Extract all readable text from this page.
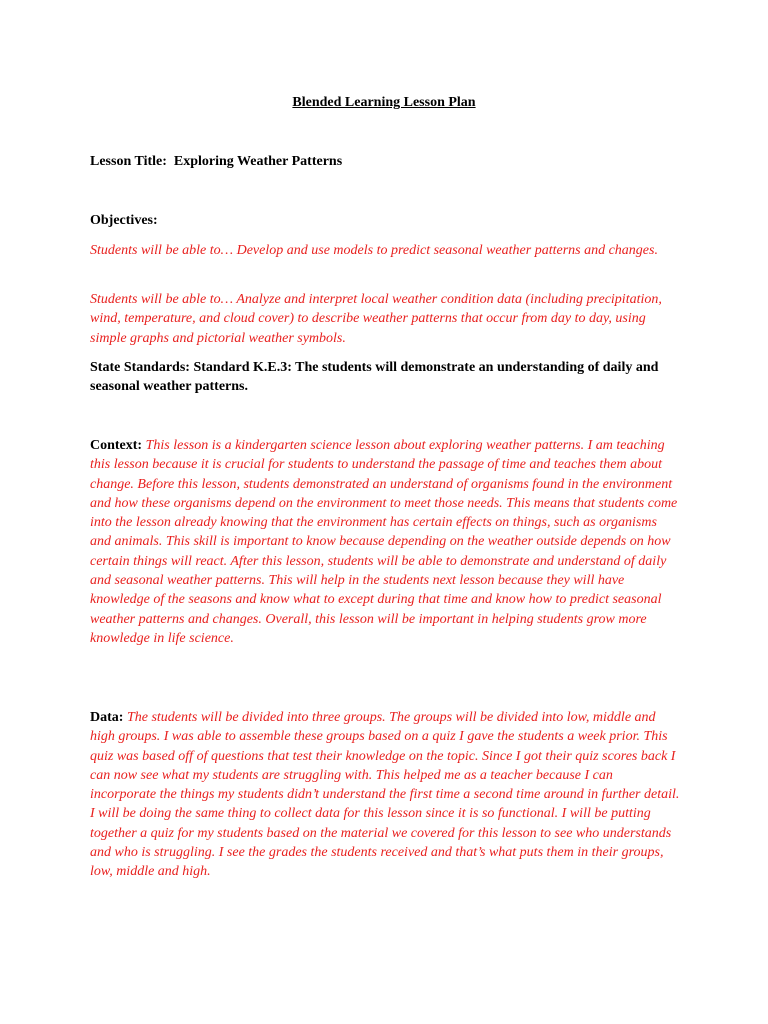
Blended Learning Lesson Plan

Lesson Title: Exploring Weather Patterns

Objectives:

Students will be able to… Develop and use models to predict seasonal weather patterns and changes.

Students will be able to… Analyze and interpret local weather condition data (including precipitation, wind, temperature, and cloud cover) to describe weather patterns that occur from day to day, using simple graphs and pictorial weather symbols.

State Standards: Standard K.E.3: The students will demonstrate an understanding of daily and seasonal weather patterns.

Context: This lesson is a kindergarten science lesson about exploring weather patterns. I am teaching this lesson because it is crucial for students to understand the passage of time and teaches them about change. Before this lesson, students demonstrated an understand of organisms found in the environment and how these organisms depend on the environment to meet those needs. This means that students come into the lesson already knowing that the environment has certain effects on things, such as organisms and animals. This skill is important to know because depending on the weather outside depends on how certain things will react. After this lesson, students will be able to demonstrate and understand of daily and seasonal weather patterns. This will help in the students next lesson because they will have knowledge of the seasons and know what to except during that time and know how to predict seasonal weather patterns and changes. Overall, this lesson will be important in helping students grow more knowledge in life science.

Data: The students will be divided into three groups. The groups will be divided into low, middle and high groups. I was able to assemble these groups based on a quiz I gave the students a week prior. This quiz was based off of questions that test their knowledge on the topic. Since I got their quiz scores back I can now see what my students are struggling with. This helped me as a teacher because I can incorporate the things my students didn’t understand the first time a second time around in further detail. I will be doing the same thing to collect data for this lesson since it is so functional. I will be putting together a quiz for my students based on the material we covered for this lesson to see who understands and who is struggling. I see the grades the students received and that’s what puts them in their groups, low, middle and high.
